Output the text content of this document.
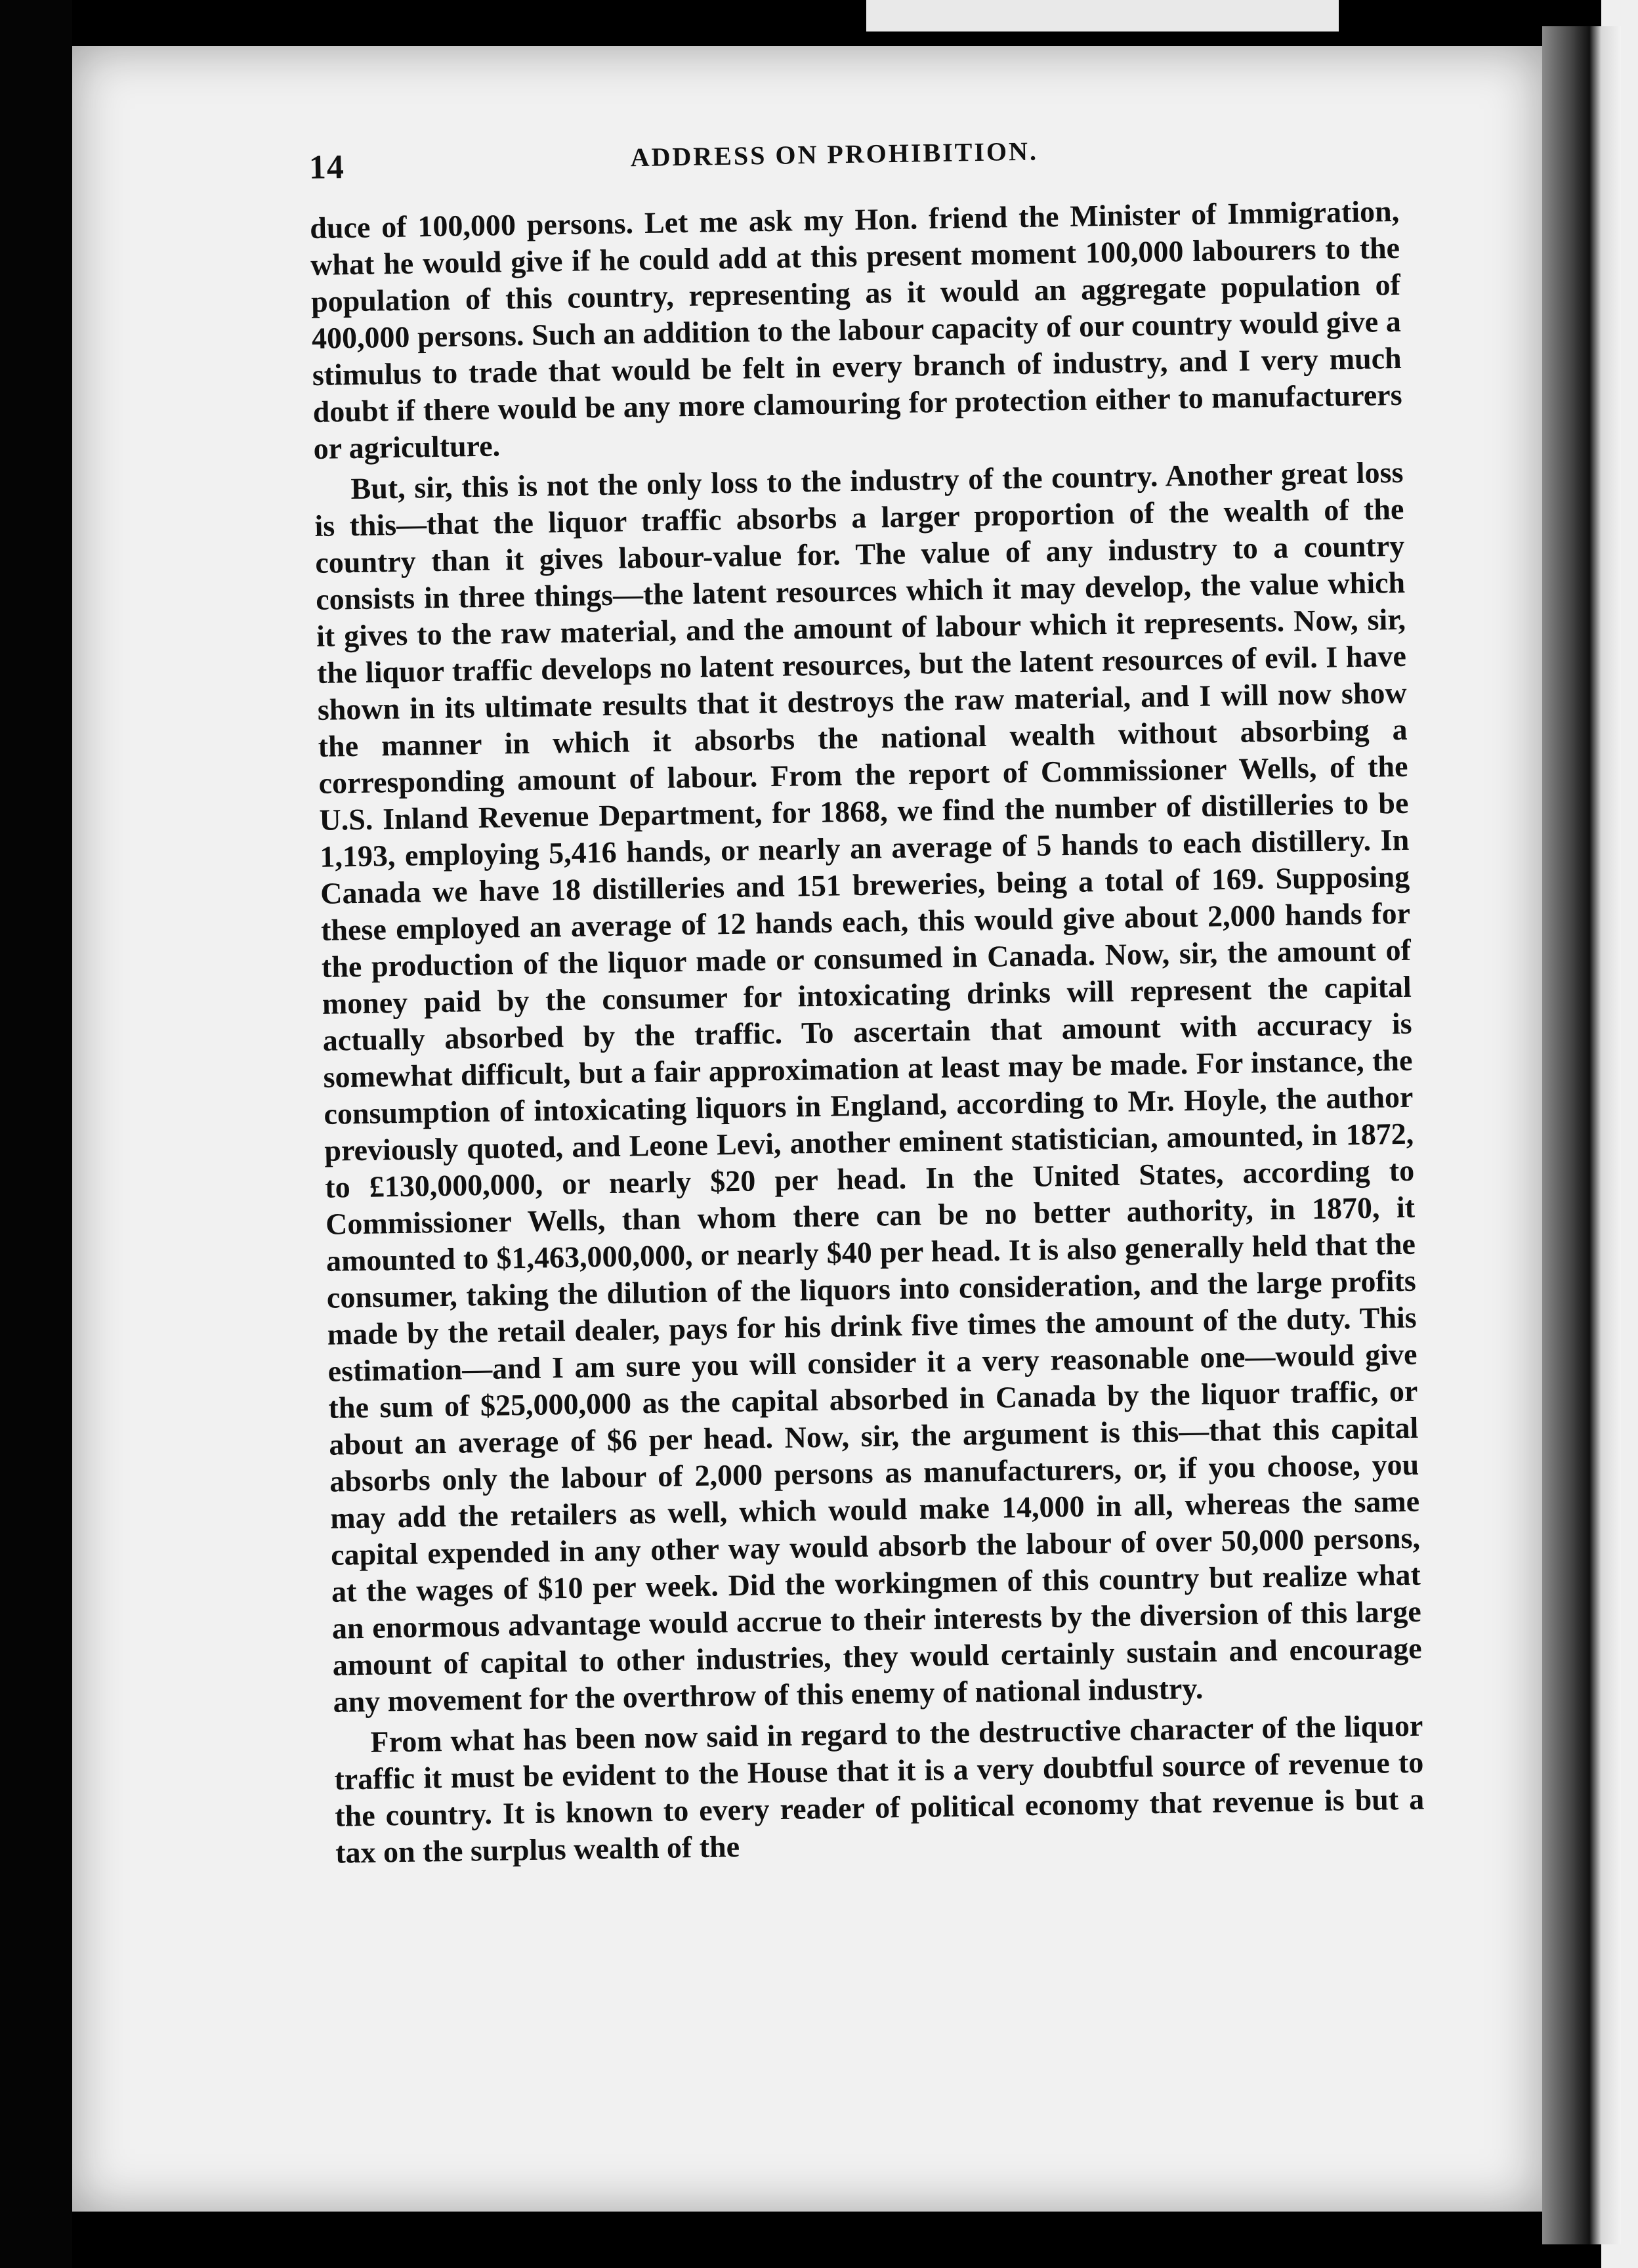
14	ADDRESS ON PROHIBITION.

duce of 100,000 persons. Let me ask my Hon. friend the Minister of Immigration, what he would give if he could add at this present moment 100,000 labourers to the population of this country, representing as it would an aggregate population of 400,000 persons. Such an addition to the labour capacity of our country would give a stimulus to trade that would be felt in every branch of industry, and I very much doubt if there would be any more clamouring for protection either to manufacturers or agriculture.

But, sir, this is not the only loss to the industry of the country. Another great loss is this—that the liquor traffic absorbs a larger proportion of the wealth of the country than it gives labour-value for. The value of any industry to a country consists in three things—the latent resources which it may develop, the value which it gives to the raw material, and the amount of labour which it represents. Now, sir, the liquor traffic develops no latent resources, but the latent resources of evil. I have shown in its ultimate results that it destroys the raw material, and I will now show the manner in which it absorbs the national wealth without absorbing a corresponding amount of labour. From the report of Commissioner Wells, of the U.S. Inland Revenue Department, for 1868, we find the number of distilleries to be 1,193, employing 5,416 hands, or nearly an average of 5 hands to each distillery. In Canada we have 18 distilleries and 151 breweries, being a total of 169. Supposing these employed an average of 12 hands each, this would give about 2,000 hands for the production of the liquor made or consumed in Canada. Now, sir, the amount of money paid by the consumer for intoxicating drinks will represent the capital actually absorbed by the traffic. To ascertain that amount with accuracy is somewhat difficult, but a fair approximation at least may be made. For instance, the consumption of intoxicating liquors in England, according to Mr. Hoyle, the author previously quoted, and Leone Levi, another eminent statistician, amounted, in 1872, to £130,000,000, or nearly $20 per head. In the United States, according to Commissioner Wells, than whom there can be no better authority, in 1870, it amounted to $1,463,000,000, or nearly $40 per head. It is also generally held that the consumer, taking the dilution of the liquors into consideration, and the large profits made by the retail dealer, pays for his drink five times the amount of the duty. This estimation—and I am sure you will consider it a very reasonable one—would give the sum of $25,000,000 as the capital absorbed in Canada by the liquor traffic, or about an average of $6 per head. Now, sir, the argument is this—that this capital absorbs only the labour of 2,000 persons as manufacturers, or, if you choose, you may add the retailers as well, which would make 14,000 in all, whereas the same capital expended in any other way would absorb the labour of over 50,000 persons, at the wages of $10 per week. Did the workingmen of this country but realize what an enormous advantage would accrue to their interests by the diversion of this large amount of capital to other industries, they would certainly sustain and encourage any movement for the overthrow of this enemy of national industry.

From what has been now said in regard to the destructive character of the liquor traffic it must be evident to the House that it is a very doubtful source of revenue to the country. It is known to every reader of political economy that revenue is but a tax on the surplus wealth of the
